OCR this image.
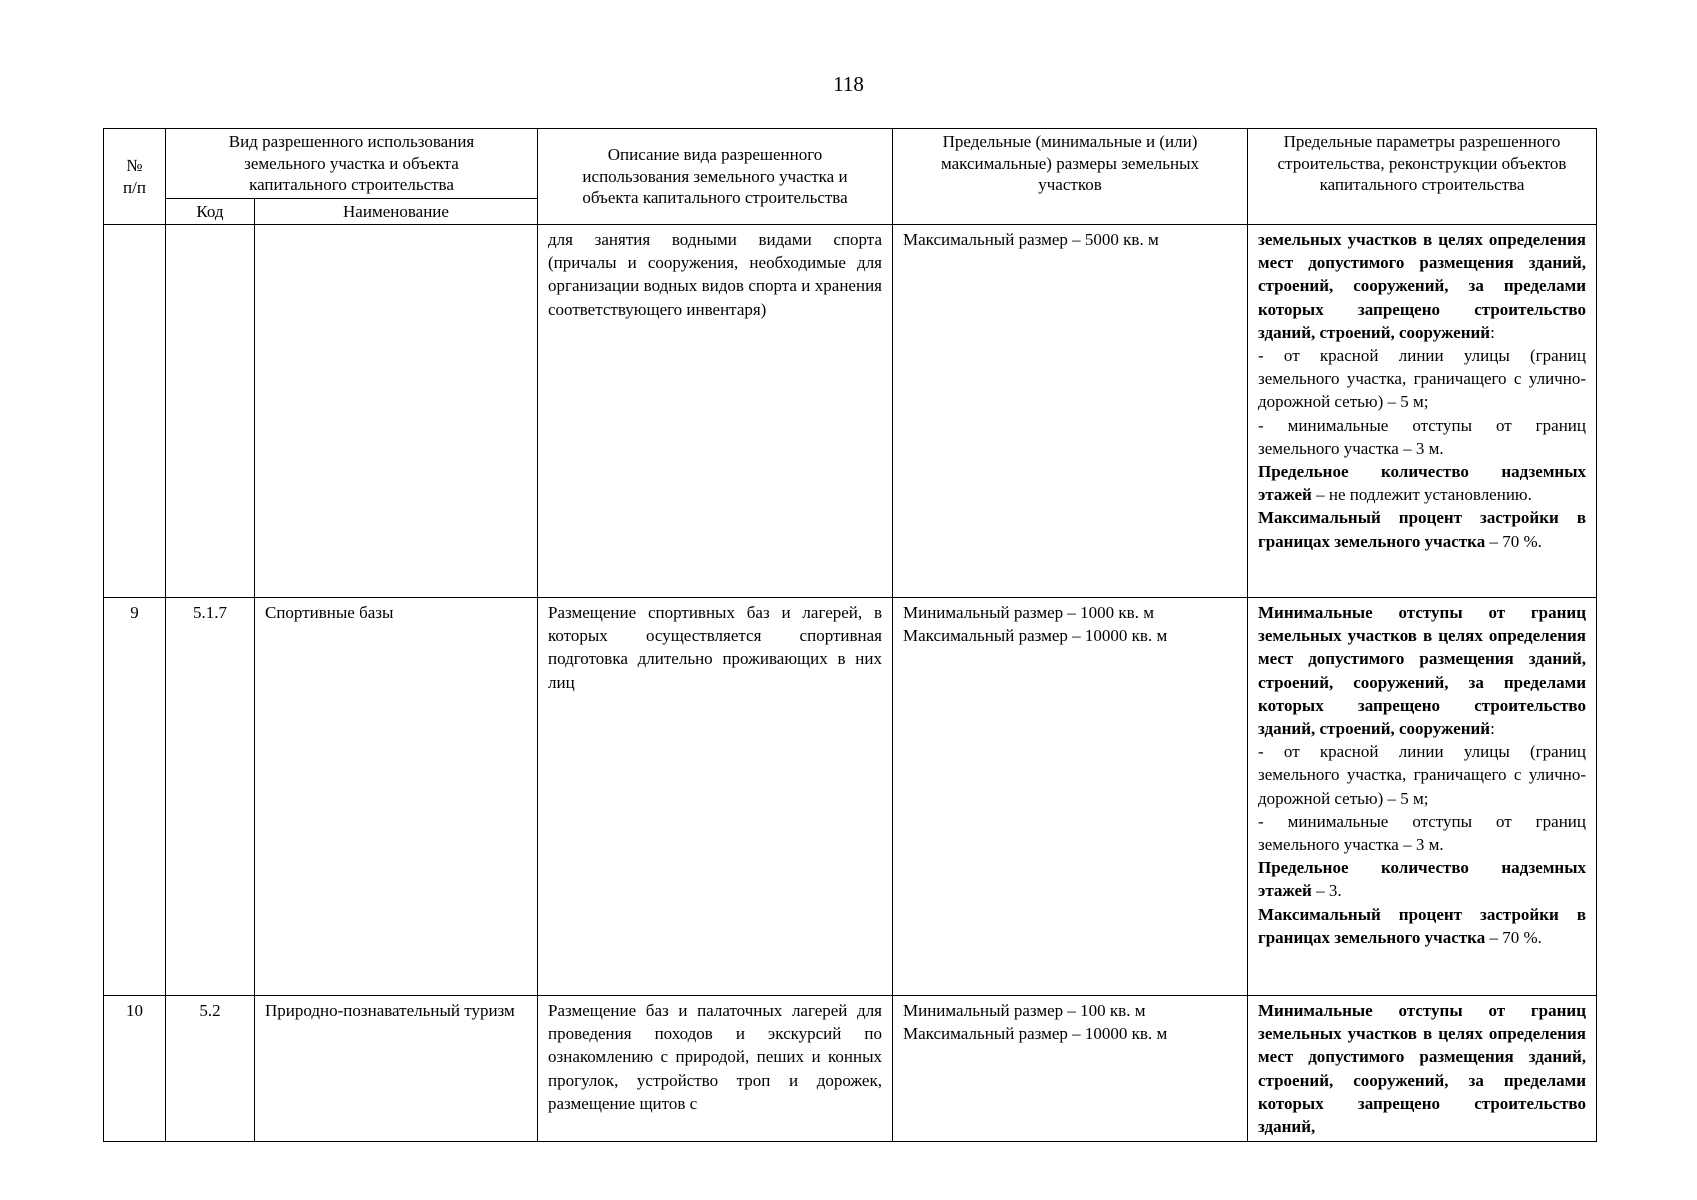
118
№ п/п	Вид разрешенного использования земельного участка и объекта капитального строительства		Описание вида разрешенного использования земельного участка и объекта капитального строительства	Предельные (минимальные и (или) максимальные) размеры земельных участков	Предельные параметры разрешенного строительства, реконструкции объектов капитального строительства
	Код	Наименование			
			для занятия водными видами спорта (причалы и сооружения, необходимые для организации водных видов спорта и хранения соответствующего инвентаря)	Максимальный размер – 5000 кв. м	земельных участков в целях определения мест допустимого размещения зданий, строений, сооружений, за пределами которых запрещено строительство зданий, строений, сооружений:
- от красной линии улицы (границ земельного участка, граничащего с улично-дорожной сетью) – 5 м;
- минимальные отступы от границ земельного участка – 3 м.
Предельное количество надземных этажей – не подлежит установлению.
Максимальный процент застройки в границах земельного участка – 70 %.

9	5.1.7	Спортивные базы	Размещение спортивных баз и лагерей, в которых осуществляется спортивная подготовка длительно проживающих в них лиц	Минимальный размер – 1000 кв. м
Максимальный размер – 10000 кв. м	Минимальные отступы от границ земельных участков в целях определения мест допустимого размещения зданий, строений, сооружений, за пределами которых запрещено строительство зданий, строений, сооружений:
- от красной линии улицы (границ земельного участка, граничащего с улично-дорожной сетью) – 5 м;
- минимальные отступы от границ земельного участка – 3 м.
Предельное количество надземных этажей – 3.
Максимальный процент застройки в границах земельного участка – 70 %.

10	5.2	Природно-познавательный туризм	Размещение баз и палаточных лагерей для проведения походов и экскурсий по ознакомлению с природой, пеших и конных прогулок, устройство троп и дорожек, размещение щитов с	Минимальный размер – 100 кв. м
Максимальный размер – 10000 кв. м	Минимальные отступы от границ земельных участков в целях определения мест допустимого размещения зданий, строений, сооружений, за пределами которых запрещено строительство зданий,
